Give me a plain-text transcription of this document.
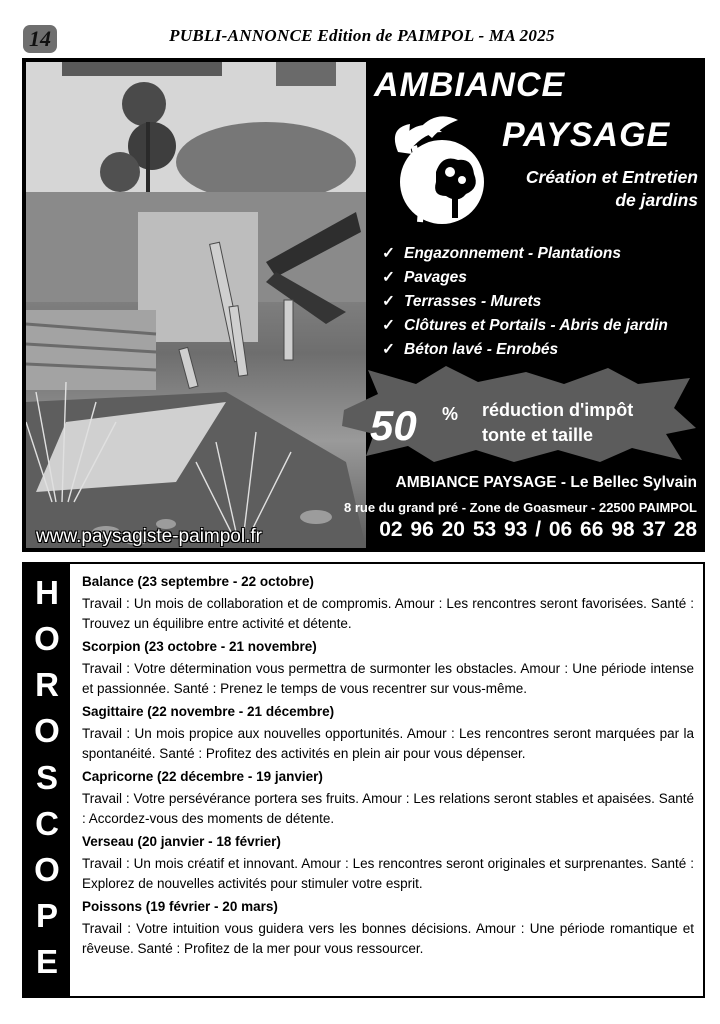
14	PUBLI-ANNONCE Edition de PAIMPOL - MA 2025
www.paysagiste-paimpol.fr
AMBIANCE
PAYSAGE
Création et Entretien
de jardins
✓ Engazonnement - Plantations
✓ Pavages
✓ Terrasses - Murets
✓ Clôtures et Portails - Abris de jardin
✓ Béton lavé - Enrobés
50 % réduction d'impôt
tonte et taille
AMBIANCE PAYSAGE - Le Bellec Sylvain
8 rue du grand pré - Zone de Goasmeur - 22500 PAIMPOL
02 96 20 53 93 / 06 66 98 37 28
H
O
R
O
S
C
O
P
E
Balance (23 septembre - 22 octobre)
Travail : Un mois de collaboration et de compromis. Amour : Les rencontres seront favorisées. Santé : Trouvez un équilibre entre activité et détente.
Scorpion (23 octobre - 21 novembre)
Travail : Votre détermination vous permettra de surmonter les obstacles. Amour : Une période intense et passionnée. Santé : Prenez le temps de vous recentrer sur vous-même.
Sagittaire (22 novembre - 21 décembre)
Travail : Un mois propice aux nouvelles opportunités. Amour : Les rencontres seront marquées par la spontanéité. Santé : Profitez des activités en plein air pour vous dépenser.
Capricorne (22 décembre - 19 janvier)
Travail : Votre persévérance portera ses fruits. Amour : Les relations seront stables et apaisées. Santé : Accordez-vous des moments de détente.
Verseau (20 janvier - 18 février)
Travail : Un mois créatif et innovant. Amour : Les rencontres seront originales et surprenantes. Santé : Explorez de nouvelles activités pour stimuler votre esprit.
Poissons (19 février - 20 mars)
Travail : Votre intuition vous guidera vers les bonnes décisions. Amour : Une période romantique et rêveuse. Santé : Profitez de la mer pour vous ressourcer.
